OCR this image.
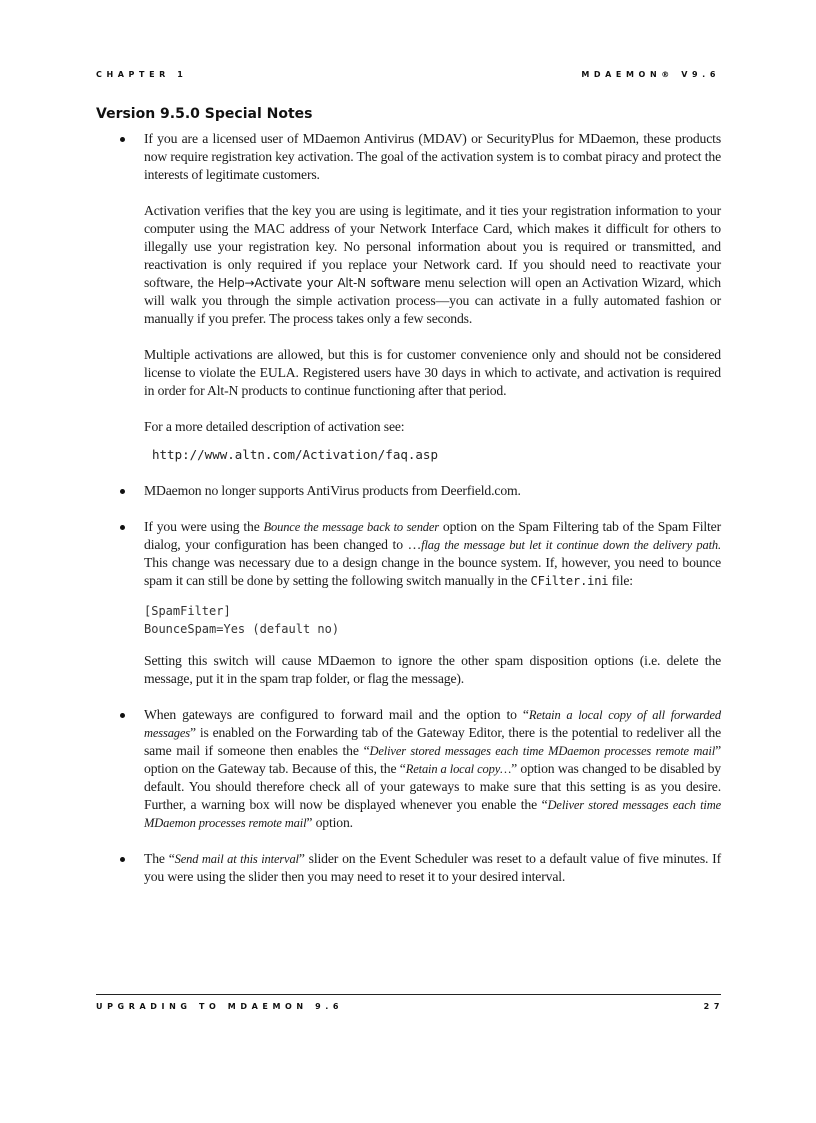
CHAPTER 1	MDAEMON® V9.6
Version 9.5.0 Special Notes

If you are a licensed user of MDaemon Antivirus (MDAV) or SecurityPlus for MDaemon, these products now require registration key activation. The goal of the activation system is to combat piracy and protect the interests of legitimate customers.

Activation verifies that the key you are using is legitimate, and it ties your registration information to your computer using the MAC address of your Network Interface Card, which makes it difficult for others to illegally use your registration key. No personal information about you is required or transmitted, and reactivation is only required if you replace your Network card. If you should need to reactivate your software, the Help→Activate your Alt-N software menu selection will open an Activation Wizard, which will walk you through the simple activation process—you can activate in a fully automated fashion or manually if you prefer. The process takes only a few seconds.

Multiple activations are allowed, but this is for customer convenience only and should not be considered license to violate the EULA. Registered users have 30 days in which to activate, and activation is required in order for Alt-N products to continue functioning after that period.

For a more detailed description of activation see:

http://www.altn.com/Activation/faq.asp

MDaemon no longer supports AntiVirus products from Deerfield.com.

If you were using the Bounce the message back to sender option on the Spam Filtering tab of the Spam Filter dialog, your configuration has been changed to …flag the message but let it continue down the delivery path. This change was necessary due to a design change in the bounce system. If, however, you need to bounce spam it can still be done by setting the following switch manually in the CFilter.ini file:

[SpamFilter]
BounceSpam=Yes (default no)

Setting this switch will cause MDaemon to ignore the other spam disposition options (i.e. delete the message, put it in the spam trap folder, or flag the message).

When gateways are configured to forward mail and the option to “Retain a local copy of all forwarded messages” is enabled on the Forwarding tab of the Gateway Editor, there is the potential to redeliver all the same mail if someone then enables the “Deliver stored messages each time MDaemon processes remote mail” option on the Gateway tab. Because of this, the “Retain a local copy…” option was changed to be disabled by default. You should therefore check all of your gateways to make sure that this setting is as you desire. Further, a warning box will now be displayed whenever you enable the “Deliver stored messages each time MDaemon processes remote mail” option.

The “Send mail at this interval” slider on the Event Scheduler was reset to a default value of five minutes. If you were using the slider then you may need to reset it to your desired interval.

UPGRADING TO MDAEMON 9.6	27
